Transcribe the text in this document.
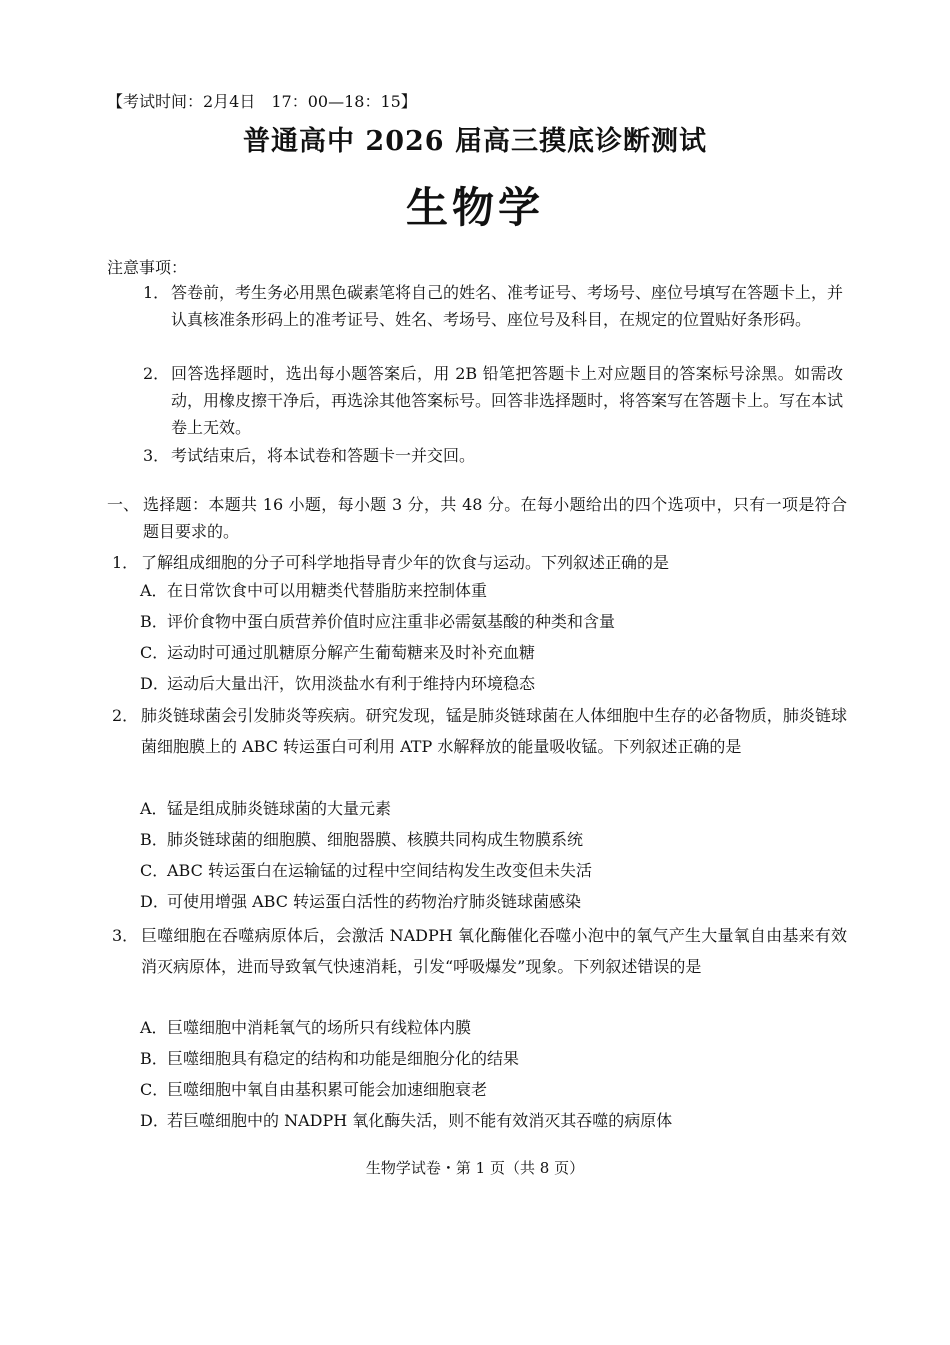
【考试时间：2月4日　17：00—18：15】
普通高中 2026 届高三摸底诊断测试
生物学
注意事项：
1． 答卷前，考生务必用黑色碳素笔将自己的姓名、准考证号、考场号、座位号填写在答题卡上，并认真核准条形码上的准考证号、姓名、考场号、座位号及科目，在规定的位置贴好条形码。
2． 回答选择题时，选出每小题答案后，用 2B 铅笔把答题卡上对应题目的答案标号涂黑。如需改动，用橡皮擦干净后，再选涂其他答案标号。回答非选择题时，将答案写在答题卡上。写在本试卷上无效。
3． 考试结束后，将本试卷和答题卡一并交回。
一、 选择题：本题共 16 小题，每小题 3 分，共 48 分。在每小题给出的四个选项中，只有一项是符合题目要求的。
1． 了解组成细胞的分子可科学地指导青少年的饮食与运动。下列叙述正确的是
A．在日常饮食中可以用糖类代替脂肪来控制体重
B．评价食物中蛋白质营养价值时应注重非必需氨基酸的种类和含量
C．运动时可通过肌糖原分解产生葡萄糖来及时补充血糖
D．运动后大量出汗，饮用淡盐水有利于维持内环境稳态
2． 肺炎链球菌会引发肺炎等疾病。研究发现，锰是肺炎链球菌在人体细胞中生存的必备物质，肺炎链球菌细胞膜上的 ABC 转运蛋白可利用 ATP 水解释放的能量吸收锰。下列叙述正确的是
A．锰是组成肺炎链球菌的大量元素
B．肺炎链球菌的细胞膜、细胞器膜、核膜共同构成生物膜系统
C．ABC 转运蛋白在运输锰的过程中空间结构发生改变但未失活
D．可使用增强 ABC 转运蛋白活性的药物治疗肺炎链球菌感染
3． 巨噬细胞在吞噬病原体后，会激活 NADPH 氧化酶催化吞噬小泡中的氧气产生大量氧自由基来有效消灭病原体，进而导致氧气快速消耗，引发“呼吸爆发”现象。下列叙述错误的是
A．巨噬细胞中消耗氧气的场所只有线粒体内膜
B．巨噬细胞具有稳定的结构和功能是细胞分化的结果
C．巨噬细胞中氧自由基积累可能会加速细胞衰老
D．若巨噬细胞中的 NADPH 氧化酶失活，则不能有效消灭其吞噬的病原体
生物学试卷・第 1 页（共 8 页）
